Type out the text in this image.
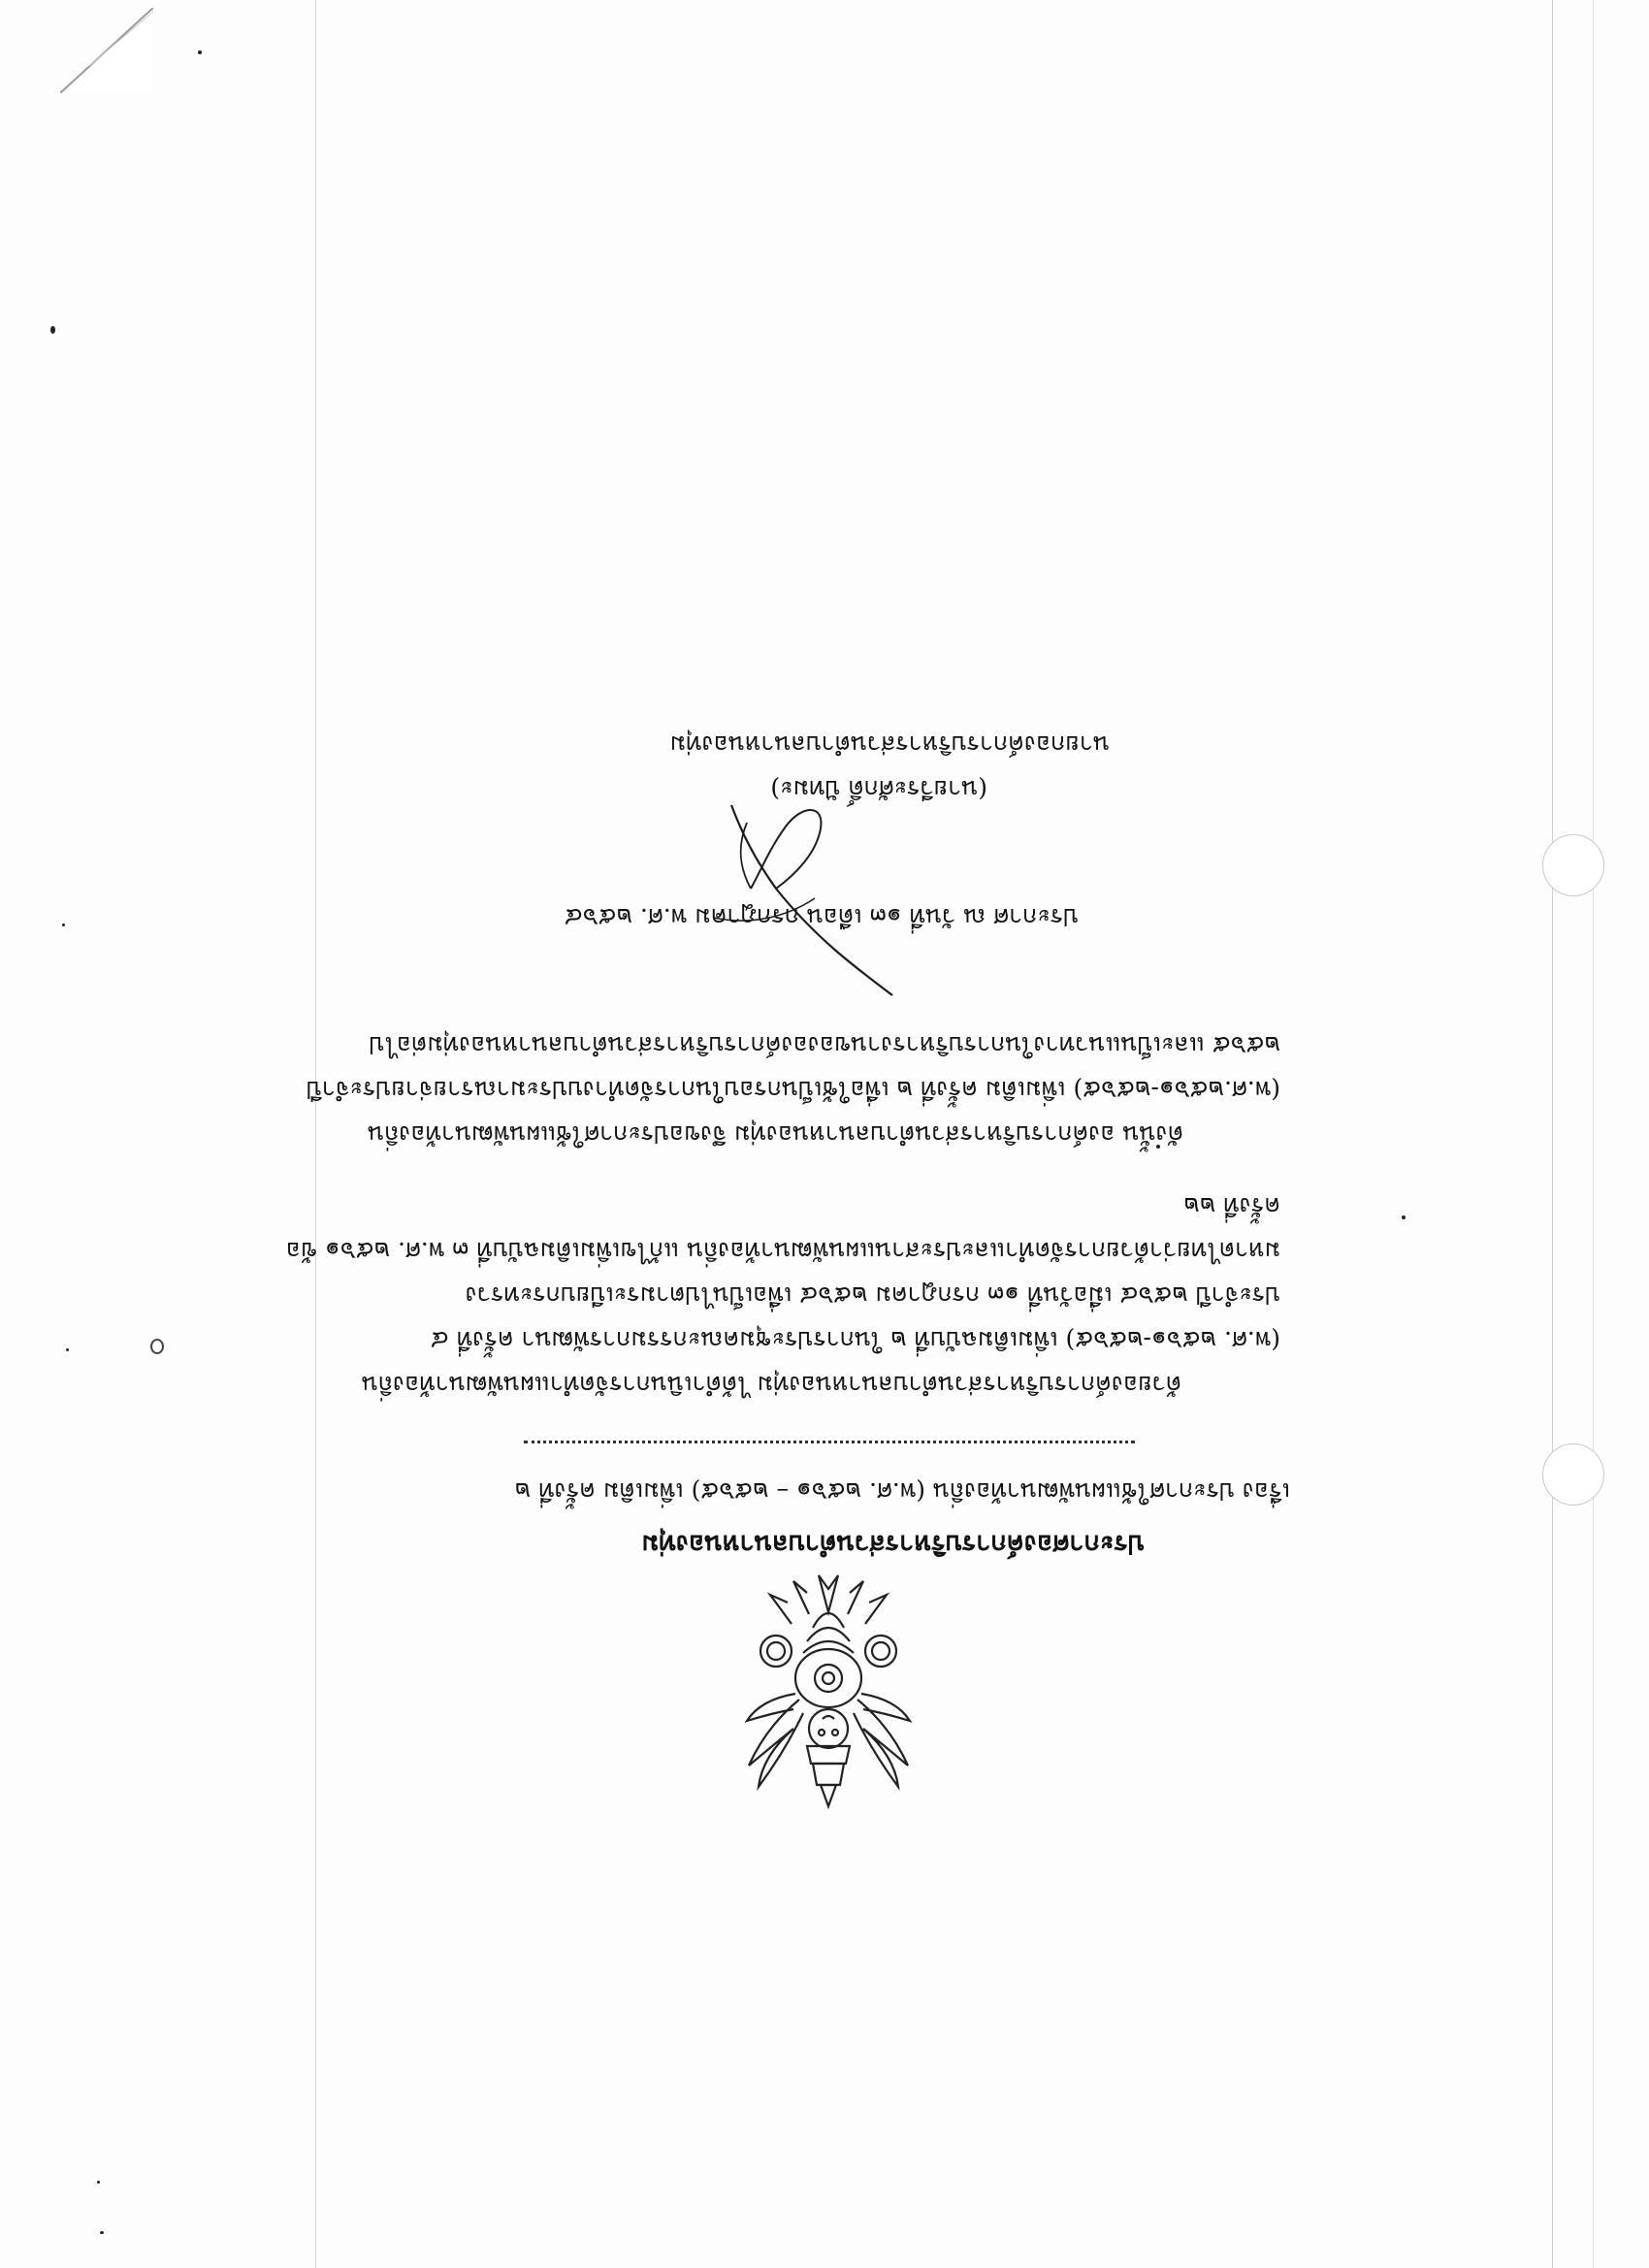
ประกาศองค์การบริหารส่วนตำบลนาหนองทุ่ม
เรื่อง ประกาศใช้แผนพัฒนาท้องถิ่น (พ.ศ. ๒๕๖๑ – ๒๕๖๕) เพิ่มเติม ครั้งที่ ๒
ด้วยองค์การบริหารส่วนตำบลนาหนองทุ่ม ได้ดำเนินการจัดทำแผนพัฒนาท้องถิ่น
(พ.ศ. ๒๕๖๑-๒๕๖๕) เพิ่มเติมฉบับที่ ๒ ในการประชุมคณะกรรมการพัฒนา ครั้งที่ ๔
ประจำปี ๒๕๖๔ เมื่อวันที่ ๑๓ กรกฎาคม ๒๕๖๔ เพื่อเป็นไปตามระเบียบกระทรวง
มหาดไทยว่าด้วยการจัดทำและประสานแผนพัฒนาท้องถิ่น แก้ไขเพิ่มเติมฉบับที่ ๓ พ.ศ. ๒๕๖๑ ข้อ
ครั้งที่ ๒๒
ดังนั้น องค์การบริหารส่วนตำบลนาหนองทุ่ม จึงขอประกาศใช้แผนพัฒนาท้องถิ่น
(พ.ศ.๒๕๖๑-๒๕๖๕) เพิ่มเติม ครั้งที่ ๒ เพื่อใช้เป็นกรอบในการจัดทำงบประมาณรายจ่ายประจำปี
๒๕๖๕ และเป็นแนวทางในการบริหารงานขององค์การบริหารส่วนตำบลนาหนองทุ่มต่อไป
ประกาศ ณ วันที่ ๑๓ เดือน กรกฎาคม พ.ศ. ๒๕๖๔
(นายวีระศักดิ์ ปัทมะ)
นายกองค์การบริหารส่วนตำบลนาหนองทุ่ม
